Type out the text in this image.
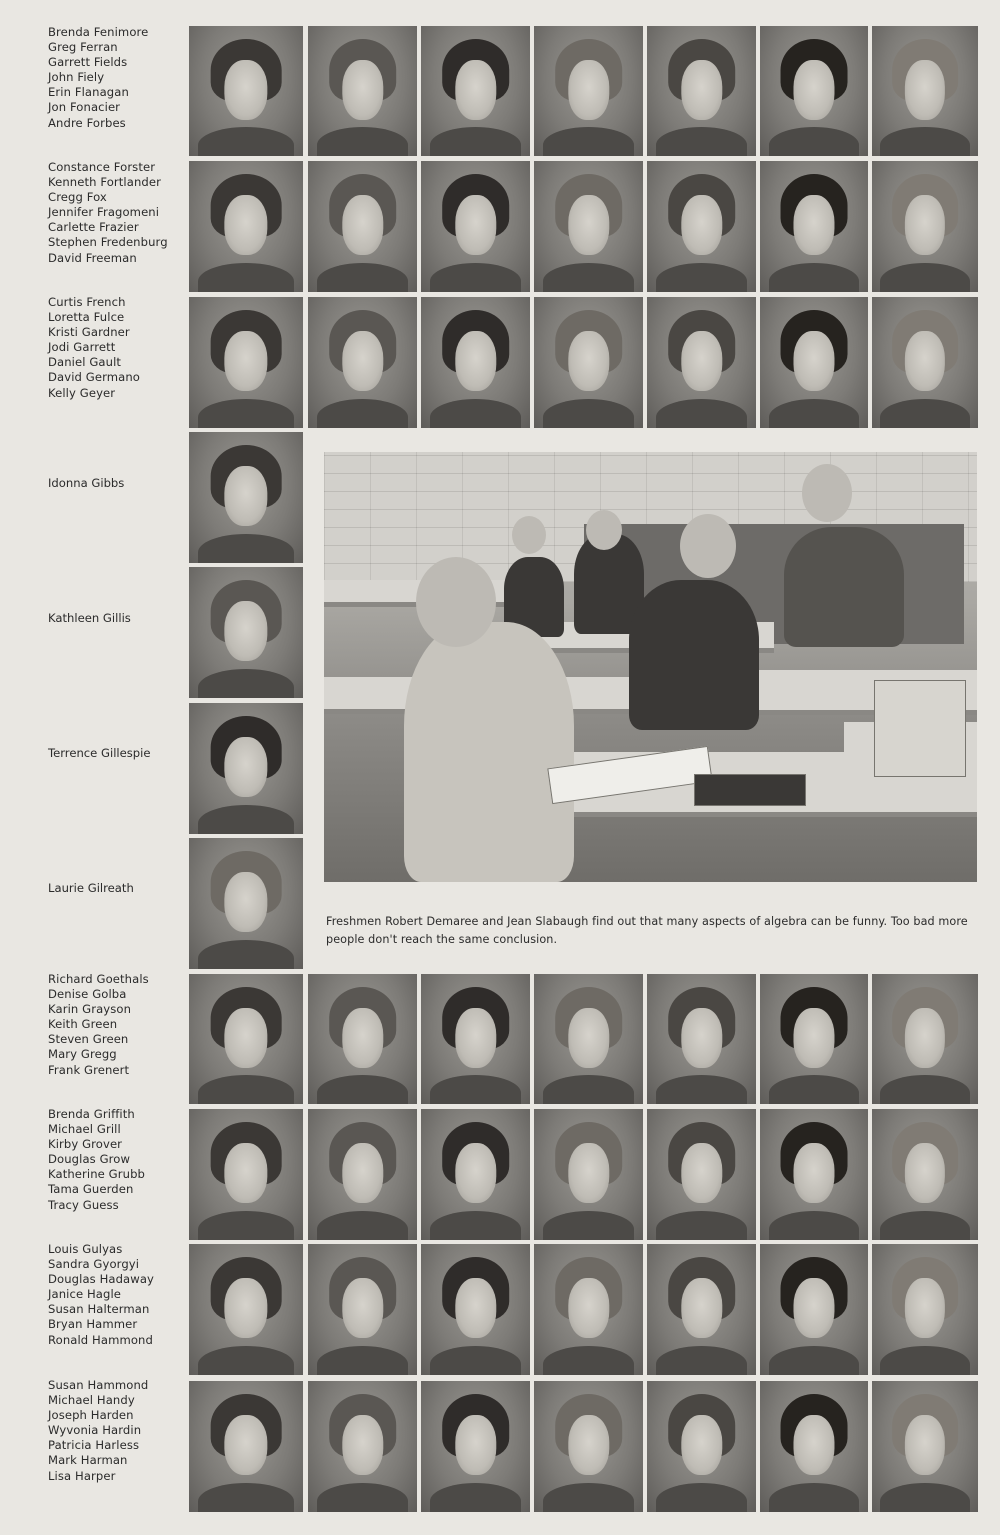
Brenda Fenimore
Greg Ferran
Garrett Fields
John Fiely
Erin Flanagan
Jon Fonacier
Andre Forbes
Constance Forster
Kenneth Fortlander
Cregg Fox
Jennifer Fragomeni
Carlette Frazier
Stephen Fredenburg
David Freeman
Curtis French
Loretta Fulce
Kristi Gardner
Jodi Garrett
Daniel Gault
David Germano
Kelly Geyer
Idonna Gibbs
Kathleen Gillis
Terrence Gillespie
Laurie Gilreath
Richard Goethals
Denise Golba
Karin Grayson
Keith Green
Steven Green
Mary Gregg
Frank Grenert
Brenda Griffith
Michael Grill
Kirby Grover
Douglas Grow
Katherine Grubb
Tama Guerden
Tracy Guess
Louis Gulyas
Sandra Gyorgyi
Douglas Hadaway
Janice Hagle
Susan Halterman
Bryan Hammer
Ronald Hammond
Susan Hammond
Michael Handy
Joseph Harden
Wyvonia Hardin
Patricia Harless
Mark Harman
Lisa Harper

Freshmen Robert Demaree and Jean Slabaugh find out that many aspects of algebra can be funny. Too bad more people don't reach the same conclusion.
